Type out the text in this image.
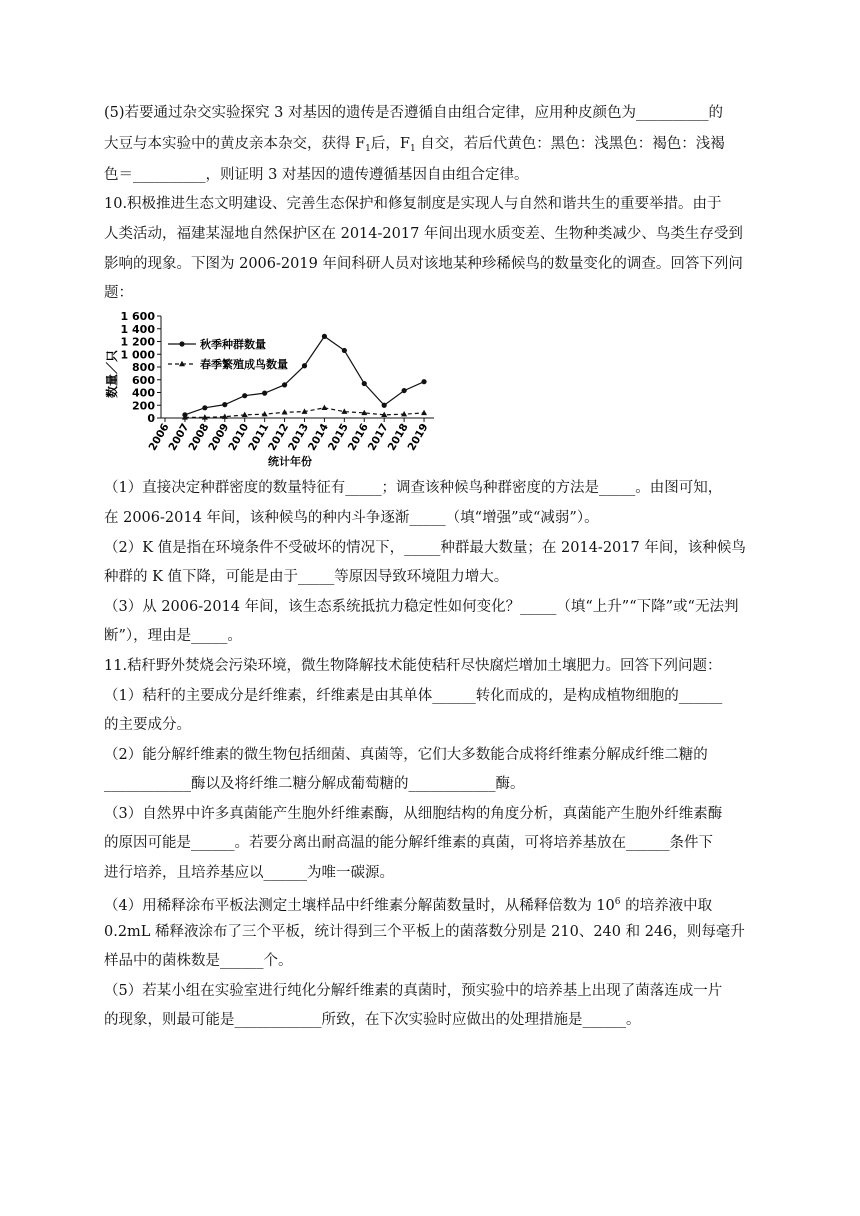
(5)若要通过杂交实验探究 3 对基因的遗传是否遵循自由组合定律，应用种皮颜色为__________的
大豆与本实验中的黄皮亲本杂交，获得 $F_1$后，$F_1$ 自交，若后代黄色：黑色：浅黑色：褐色：浅褐
色＝__________，则证明 3 对基因的遗传遵循基因自由组合定律。
10.积极推进生态文明建设、完善生态保护和修复制度是实现人与自然和谐共生的重要举措。由于
人类活动，福建某湿地自然保护区在 2014-2017 年间出现水质变差、生物种类减少、鸟类生存受到
影响的现象。下图为 2006-2019 年间科研人员对该地某种珍稀候鸟的数量变化的调查。回答下列问
题：
数量／只
0
200
400
600
800
1 000
1 200
1 400
1 600
2006
2007
2008
2009
2010
2011
2012
2013
2014
2015
2016
2017
2018
2019
秋季种群数量
春季繁殖成鸟数量
统计年份
（1）直接决定种群密度的数量特征有_____；调查该种候鸟种群密度的方法是_____。由图可知，
在 2006-2014 年间，该种候鸟的种内斗争逐渐_____（填“增强”或“减弱”）。
（2）K 值是指在环境条件不受破坏的情况下，_____种群最大数量；在 2014-2017 年间，该种候鸟
种群的 K 值下降，可能是由于_____等原因导致环境阻力增大。
（3）从 2006-2014 年间，该生态系统抵抗力稳定性如何变化？_____（填“上升”“下降”或“无法判
断”），理由是_____。
11.秸秆野外焚烧会污染环境，微生物降解技术能使秸秆尽快腐烂增加土壤肥力。回答下列问题：
（1）秸秆的主要成分是纤维素，纤维素是由其单体______转化而成的，是构成植物细胞的______
的主要成分。
（2）能分解纤维素的微生物包括细菌、真菌等，它们大多数能合成将纤维素分解成纤维二糖的
____________酶以及将纤维二糖分解成葡萄糖的____________酶。
（3）自然界中许多真菌能产生胞外纤维素酶，从细胞结构的角度分析，真菌能产生胞外纤维素酶
的原因可能是______。若要分离出耐高温的能分解纤维素的真菌，可将培养基放在______条件下
进行培养，且培养基应以______为唯一碳源。
（4）用稀释涂布平板法测定土壤样品中纤维素分解菌数量时，从稀释倍数为 $10^6$ 的培养液中取
0.2mL 稀释液涂布了三个平板，统计得到三个平板上的菌落数分别是 210、240 和 246，则每毫升
样品中的菌株数是______个。
（5）若某小组在实验室进行纯化分解纤维素的真菌时，预实验中的培养基上出现了菌落连成一片
的现象，则最可能是____________所致，在下次实验时应做出的处理措施是______。
